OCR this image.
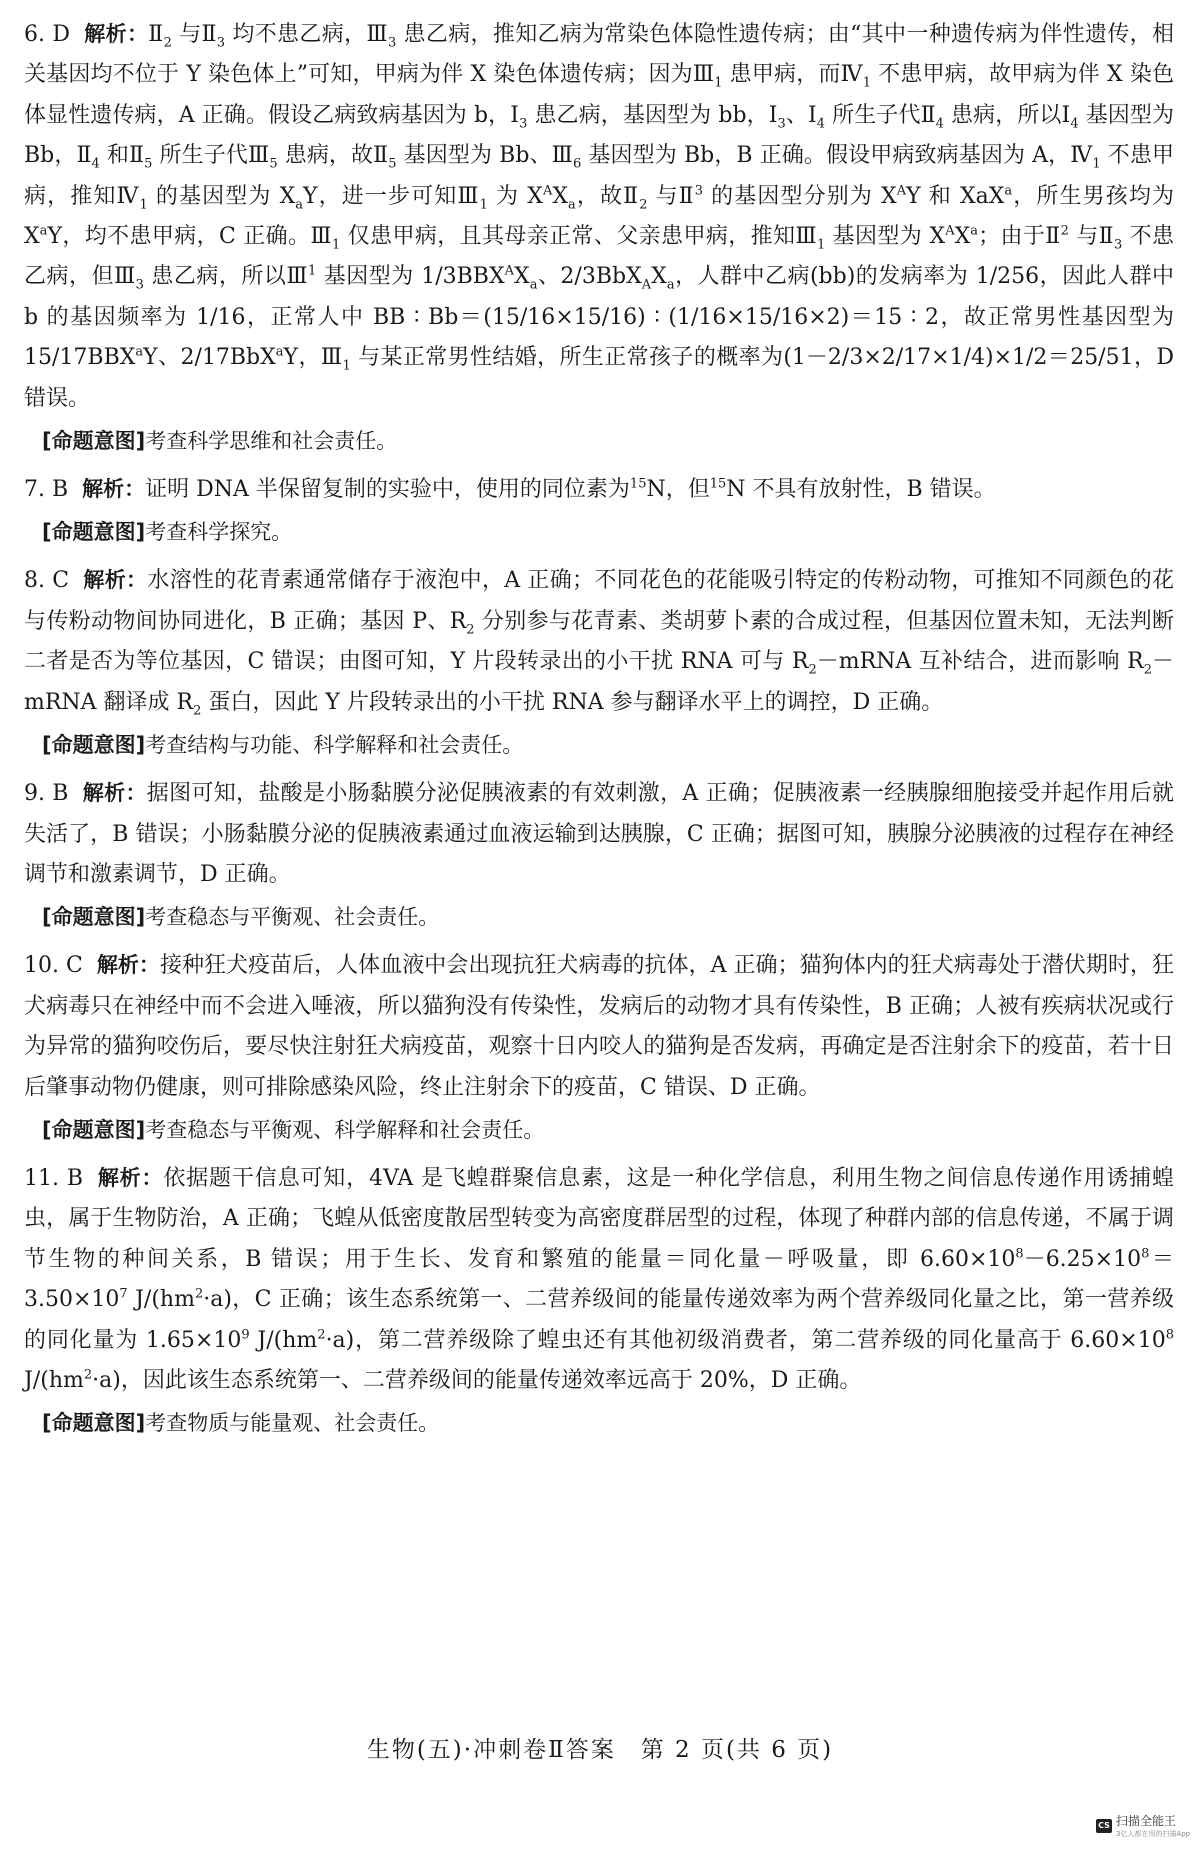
6. D 解析：$Ⅱ_2$ 与$Ⅱ_3$ 均不患乙病，$Ⅲ_3$ 患乙病，推知乙病为常染色体隐性遗传病；由“其中一种遗传病为伴性遗传，相关基因均不位于 Y 染色体上”可知，甲病为伴 X 染色体遗传病；因为$Ⅲ_1$ 患甲病，而$Ⅳ_1$ 不患甲病，故甲病为伴 X 染色体显性遗传病，A 正确。假设乙病致病基因为 b，$Ⅰ_3$ 患乙病，基因型为 bb，$Ⅰ_3$、$Ⅰ_4$ 所生子代$Ⅱ_4$ 患病，所以$Ⅰ_4$ 基因型为 Bb，$Ⅱ_4$ 和$Ⅱ_5$ 所生子代$Ⅲ_5$ 患病，故$Ⅱ_5$ 基因型为 Bb、$Ⅲ_6$ 基因型为 Bb，B 正确。假设甲病致病基因为 A，$Ⅳ_1$ 不患甲病，推知$Ⅳ_1$ 的基因型为 $X_aY$，进一步可知$Ⅲ_1$ 为 $X^AX_a$，故$Ⅱ_2$ 与Ⅱ$^3$ 的基因型分别为 $X^AY$ 和 XaX$^a$，所生男孩均为 $X^aY$，均不患甲病，C 正确。$Ⅲ_1$ 仅患甲病，且其母亲正常、父亲患甲病，推知$Ⅲ_1$ 基因型为 $X^AX^a$；由于Ⅱ$^2$ 与$Ⅱ_3$ 不患乙病，但$Ⅲ_3$ 患乙病，所以Ⅲ$^1$ 基因型为 $1/3BBX^AX_a$、$2/3BbX_AX_a$，人群中乙病(bb)的发病率为 1/256，因此人群中 b 的基因频率为 1/16，正常人中 BB ∶ Bb＝(15/16×15/16) ∶ (1/16×15/16×2)＝15 ∶ 2，故正常男性基因型为 15/17BBX$^a$Y、2/17BbX$^a$Y，$Ⅲ_1$ 与某正常男性结婚，所生正常孩子的概率为(1－2/3×2/17×1/4)×1/2＝25/51，D 错误。

[命题意图]考查科学思维和社会责任。

7. B 解析：证明 DNA 半保留复制的实验中，使用的同位素为$^{15}$N，但$^{15}$N 不具有放射性，B 错误。

[命题意图]考查科学探究。

8. C 解析：水溶性的花青素通常储存于液泡中，A 正确；不同花色的花能吸引特定的传粉动物，可推知不同颜色的花与传粉动物间协同进化，B 正确；基因 P、$R_2$ 分别参与花青素、类胡萝卜素的合成过程，但基因位置未知，无法判断二者是否为等位基因，C 错误；由图可知，Y 片段转录出的小干扰 RNA 可与 $R_2-mRNA$ 互补结合，进而影响 $R_2-mRNA$ 翻译成 $R_2$ 蛋白，因此 Y 片段转录出的小干扰 RNA 参与翻译水平上的调控，D 正确。

[命题意图]考查结构与功能、科学解释和社会责任。

9. B 解析：据图可知，盐酸是小肠黏膜分泌促胰液素的有效刺激，A 正确；促胰液素一经胰腺细胞接受并起作用后就失活了，B 错误；小肠黏膜分泌的促胰液素通过血液运输到达胰腺，C 正确；据图可知，胰腺分泌胰液的过程存在神经调节和激素调节，D 正确。

[命题意图]考查稳态与平衡观、社会责任。

10. C 解析：接种狂犬疫苗后，人体血液中会出现抗狂犬病毒的抗体，A 正确；猫狗体内的狂犬病毒处于潜伏期时，狂犬病毒只在神经中而不会进入唾液，所以猫狗没有传染性，发病后的动物才具有传染性，B 正确；人被有疾病状况或行为异常的猫狗咬伤后，要尽快注射狂犬病疫苗，观察十日内咬人的猫狗是否发病，再确定是否注射余下的疫苗，若十日后肇事动物仍健康，则可排除感染风险，终止注射余下的疫苗，C 错误、D 正确。

[命题意图]考查稳态与平衡观、科学解释和社会责任。

11. B 解析：依据题干信息可知，4VA 是飞蝗群聚信息素，这是一种化学信息，利用生物之间信息传递作用诱捕蝗虫，属于生物防治，A 正确；飞蝗从低密度散居型转变为高密度群居型的过程，体现了种群内部的信息传递，不属于调节生物的种间关系，B 错误；用于生长、发育和繁殖的能量＝同化量－呼吸量，即 $6.60\times 10^8-6.25\times 10^8=3.50\times 10^7$ $J/(hm^2\cdot a)$，C 正确；该生态系统第一、二营养级间的能量传递效率为两个营养级同化量之比，第一营养级的同化量为 $1.65\times 10^9$ $J/(hm^2\cdot a)$，第二营养级除了蝗虫还有其他初级消费者，第二营养级的同化量高于 $6.60\times 10^8$ $J/(hm^2\cdot a)$，因此该生态系统第一、二营养级间的能量传递效率远高于 20%，D 正确。

[命题意图]考查物质与能量观、社会责任。
生物(五)·冲刺卷Ⅱ答案　第 2 页(共 6 页)
CS 扫描全能王
3亿人都在用的扫描App
